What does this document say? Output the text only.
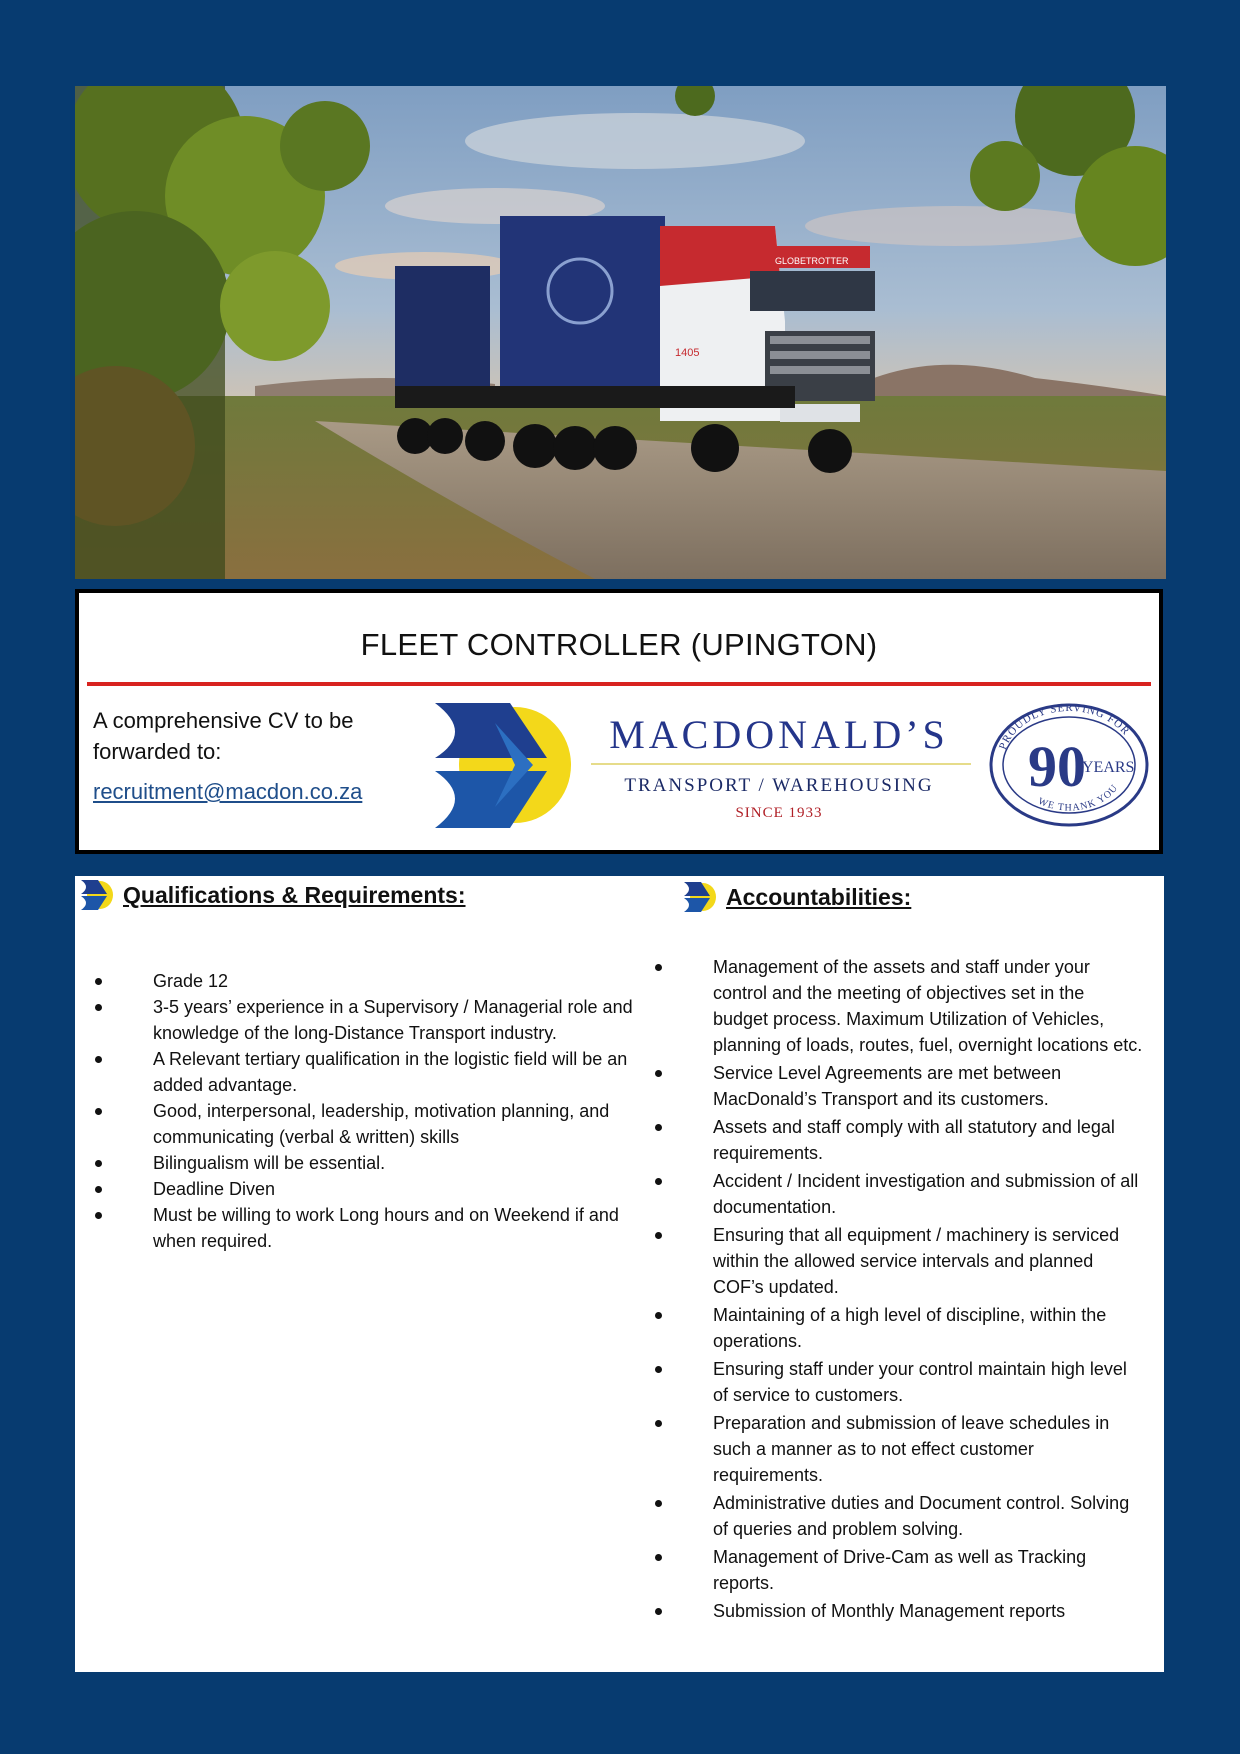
1405
GLOBETROTTER
FLEET CONTROLLER (UPINGTON)
A comprehensive CV to be forwarded to:
recruitment@macdon.co.za
MACDONALD’S
TRANSPORT / WAREHOUSING
SINCE 1933
PROUDLY SERVING FOR
WE THANK YOU
90
YEARS
Qualifications & Requirements:
Grade 12
3-5 years’ experience in a Supervisory / Managerial role and knowledge of the long-Distance Transport industry.
A Relevant tertiary qualification in the logistic field will be an added advantage.
Good, interpersonal, leadership, motivation planning, and communicating (verbal & written) skills
Bilingualism will be essential.
Deadline Diven
Must be willing to work Long hours and on Weekend if and when required.
Accountabilities:
Management of the assets and staff under your control and the meeting of objectives set in the budget process. Maximum Utilization of Vehicles, planning of loads, routes, fuel, overnight locations etc.
Service Level Agreements are met between MacDonald’s Transport and its customers.
Assets and staff comply with all statutory and legal requirements.
Accident / Incident investigation and submission of all documentation.
Ensuring that all equipment / machinery is serviced within the allowed service intervals and planned COF’s updated.
Maintaining of a high level of discipline, within the operations.
Ensuring staff under your control maintain high level of service to customers.
Preparation and submission of leave schedules in such a manner as to not effect customer requirements.
Administrative duties and Document control. Solving of queries and problem solving.
Management of Drive-Cam as well as Tracking reports.
Submission of Monthly Management reports
